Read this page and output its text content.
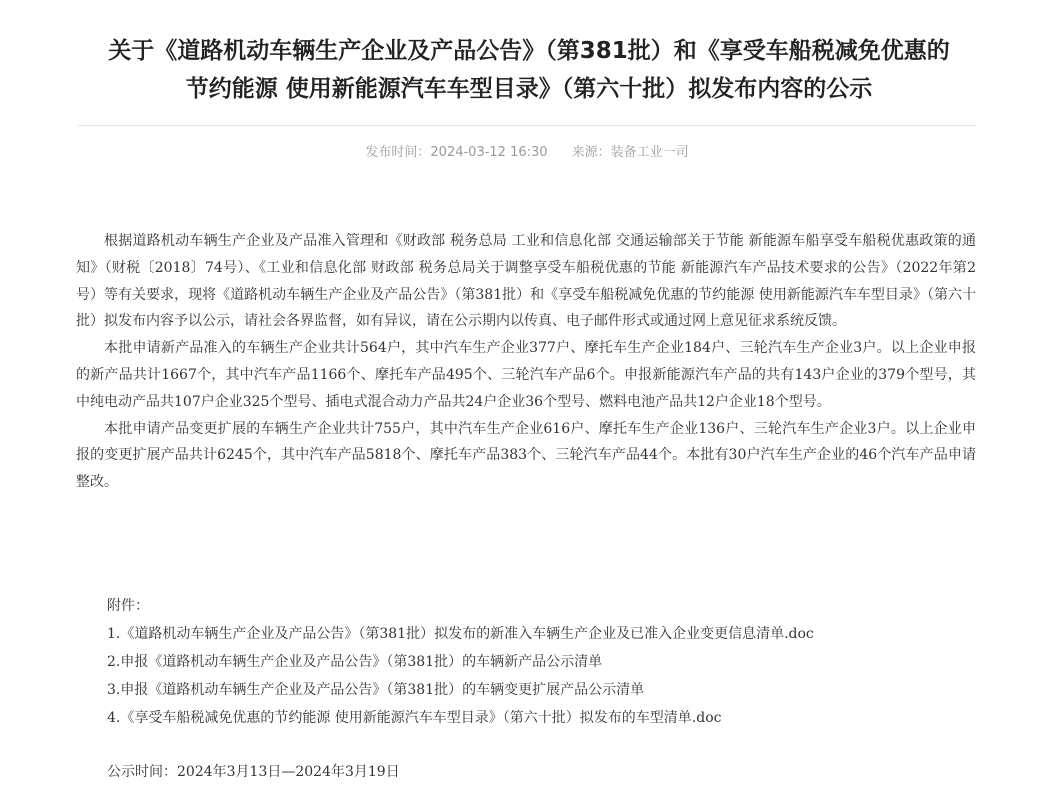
关于《道路机动车辆生产企业及产品公告》（第381批）和《享受车船税减免优惠的
节约能源 使用新能源汽车车型目录》（第六十批）拟发布内容的公示
发布时间：2024-03-12 16:30 来源：装备工业一司

根据道路机动车辆生产企业及产品准入管理和《财政部 税务总局 工业和信息化部 交通运输部关于节能 新能源车船享受车船税优惠政策的通知》（财税〔2018〕74号）、《工业和信息化部 财政部 税务总局关于调整享受车船税优惠的节能 新能源汽车产品技术要求的公告》（2022年第2号）等有关要求，现将《道路机动车辆生产企业及产品公告》（第381批）和《享受车船税减免优惠的节约能源 使用新能源汽车车型目录》（第六十批）拟发布内容予以公示，请社会各界监督，如有异议，请在公示期内以传真、电子邮件形式或通过网上意见征求系统反馈。

本批申请新产品准入的车辆生产企业共计564户，其中汽车生产企业377户、摩托车生产企业184户、三轮汽车生产企业3户。以上企业申报的新产品共计1667个，其中汽车产品1166个、摩托车产品495个、三轮汽车产品6个。申报新能源汽车产品的共有143户企业的379个型号，其中纯电动产品共107户企业325个型号、插电式混合动力产品共24户企业36个型号、燃料电池产品共12户企业18个型号。

本批申请产品变更扩展的车辆生产企业共计755户，其中汽车生产企业616户、摩托车生产企业136户、三轮汽车生产企业3户。以上企业申报的变更扩展产品共计6245个，其中汽车产品5818个、摩托车产品383个、三轮汽车产品44个。本批有30户汽车生产企业的46个汽车产品申请整改。

附件：

1.《道路机动车辆生产企业及产品公告》（第381批）拟发布的新准入车辆生产企业及已准入企业变更信息清单.doc
2.申报《道路机动车辆生产企业及产品公告》（第381批）的车辆新产品公示清单
3.申报《道路机动车辆生产企业及产品公告》（第381批）的车辆变更扩展产品公示清单
4.《享受车船税减免优惠的节约能源 使用新能源汽车车型目录》（第六十批）拟发布的车型清单.doc
公示时间：2024年3月13日—2024年3月19日
